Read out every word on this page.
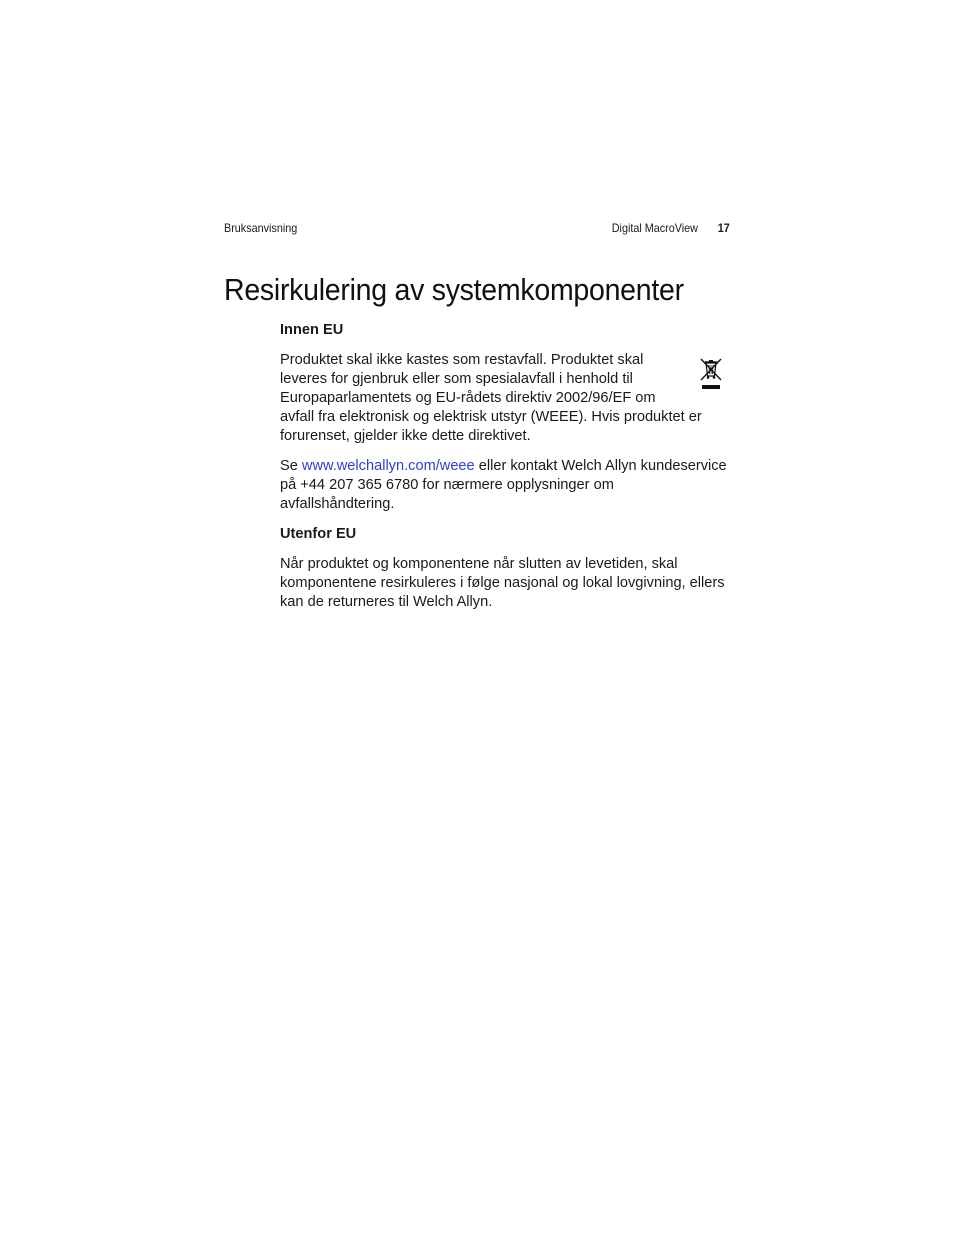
Bruksanvisning	Digital MacroView 17
Resirkulering av systemkomponenter
Innen EU
Produktet skal ikke kastes som restavfall. Produktet skal
leveres for gjenbruk eller som spesialavfall i henhold til
Europaparlamentets og EU-rådets direktiv 2002/96/EF om
avfall fra elektronisk og elektrisk utstyr (WEEE). Hvis produktet er
forurenset, gjelder ikke dette direktivet.

Se www.welchallyn.com/weee eller kontakt Welch Allyn kundeservice på +44 207 365 6780 for nærmere opplysninger om avfallshåndtering.

Utenfor EU

Når produktet og komponentene når slutten av levetiden, skal komponentene resirkuleres i følge nasjonal og lokal lovgivning, ellers kan de returneres til Welch Allyn.
